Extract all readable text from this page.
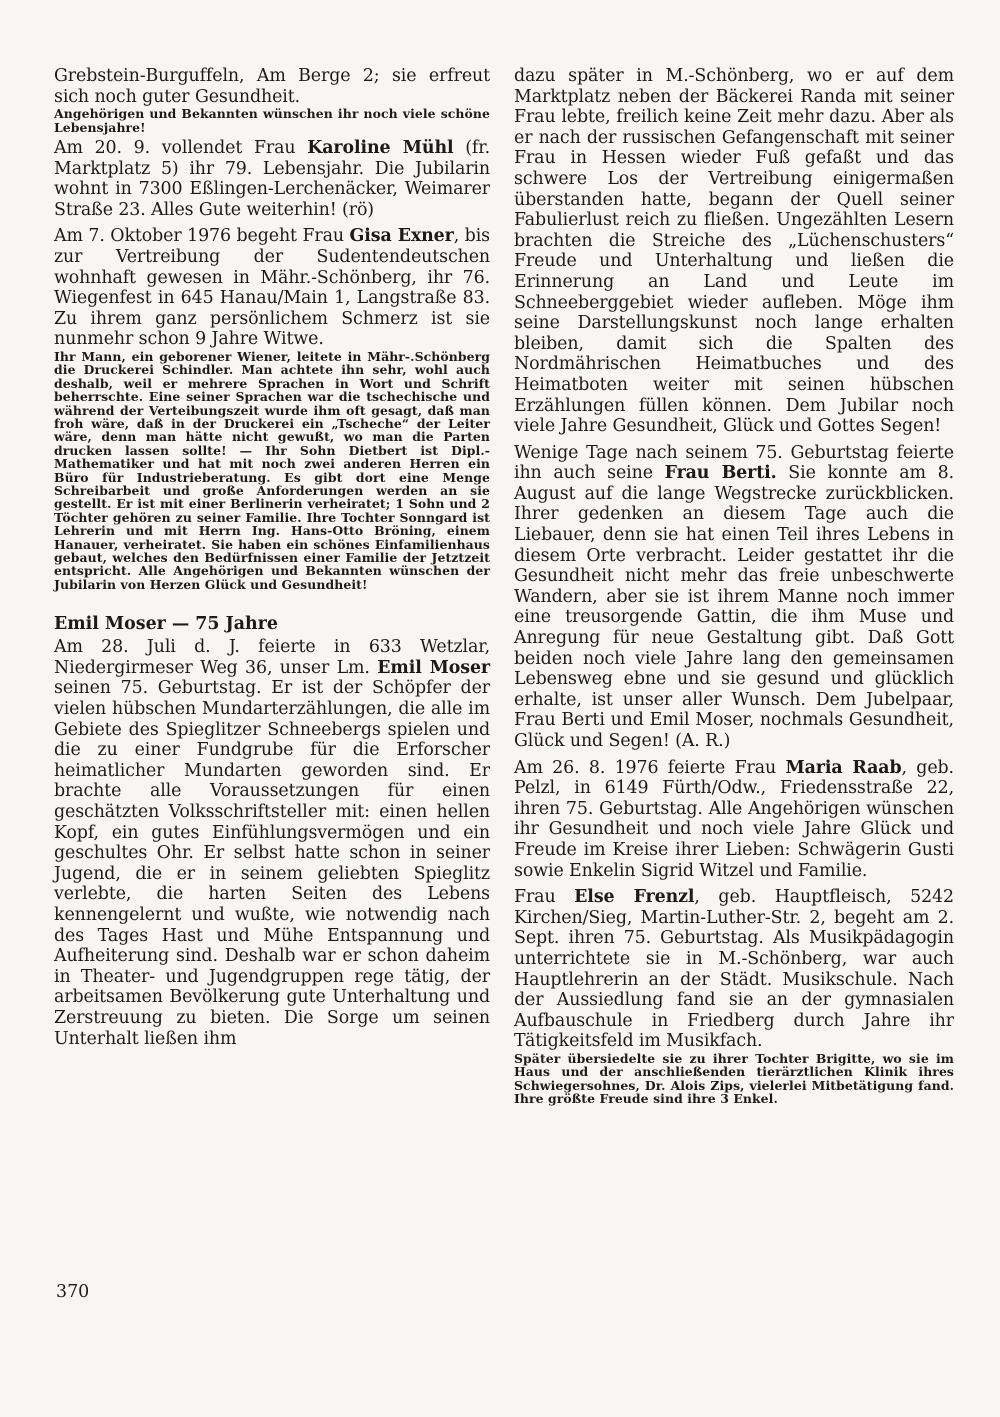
Grebstein-Burguffeln, Am Berge 2; sie erfreut sich noch guter Gesundheit.
Angehörigen und Bekannten wünschen ihr noch viele schöne Lebensjahre!
Am 20. 9. vollendet Frau Karoline Mühl (fr. Marktplatz 5) ihr 79. Lebensjahr. Die Jubilarin wohnt in 7300 Eßlingen-Lerchenäcker, Weimarer Straße 23. Alles Gute weiterhin! (rö)
Am 7. Oktober 1976 begeht Frau Gisa Exner, bis zur Vertreibung der Sudentendeutschen wohnhaft gewesen in Mähr.-Schönberg, ihr 76. Wiegenfest in 645 Hanau/Main 1, Langstraße 83. Zu ihrem ganz persönlichem Schmerz ist sie nunmehr schon 9 Jahre Witwe.
Ihr Mann, ein geborener Wiener, leitete in Mähr-.Schönberg die Druckerei Schindler. Man achtete ihn sehr, wohl auch deshalb, weil er mehrere Sprachen in Wort und Schrift beherrschte. Eine seiner Sprachen war die tschechische und während der Verteibungszeit wurde ihm oft gesagt, daß man froh wäre, daß in der Druckerei ein „Tscheche“ der Leiter wäre, denn man hätte nicht gewußt, wo man die Parten drucken lassen sollte! — Ihr Sohn Dietbert ist Dipl.-Mathematiker und hat mit noch zwei anderen Herren ein Büro für Industrieberatung. Es gibt dort eine Menge Schreibarbeit und große Anforderungen werden an sie gestellt. Er ist mit einer Berlinerin verheiratet; 1 Sohn und 2 Töchter gehören zu seiner Familie. Ihre Tochter Sonngard ist Lehrerin und mit Herrn Ing. Hans-Otto Bröning, einem Hanauer, verheiratet. Sie haben ein schönes Einfamilienhaus gebaut, welches den Bedürfnissen einer Familie der Jetztzeit entspricht. Alle Angehörigen und Bekannten wünschen der Jubilarin von Herzen Glück und Gesundheit!
Emil Moser — 75 Jahre
Am 28. Juli d. J. feierte in 633 Wetzlar, Niedergirmeser Weg 36, unser Lm. Emil Moser seinen 75. Geburtstag. Er ist der Schöpfer der vielen hübschen Mundarterzählungen, die alle im Gebiete des Spieglitzer Schneebergs spielen und die zu einer Fundgrube für die Erforscher heimatlicher Mundarten geworden sind. Er brachte alle Voraussetzungen für einen geschätzten Volksschriftsteller mit: einen hellen Kopf, ein gutes Einfühlungsvermögen und ein geschultes Ohr. Er selbst hatte schon in seiner Jugend, die er in seinem geliebten Spieglitz verlebte, die harten Seiten des Lebens kennengelernt und wußte, wie notwendig nach des Tages Hast und Mühe Entspannung und Aufheiterung sind. Deshalb war er schon daheim in Theater- und Jugendgruppen rege tätig, der arbeitsamen Bevölkerung gute Unterhaltung und Zerstreuung zu bieten. Die Sorge um seinen Unterhalt ließen ihm
dazu später in M.-Schönberg, wo er auf dem Marktplatz neben der Bäckerei Randa mit seiner Frau lebte, freilich keine Zeit mehr dazu. Aber als er nach der russischen Gefangenschaft mit seiner Frau in Hessen wieder Fuß gefaßt und das schwere Los der Vertreibung einigermaßen überstanden hatte, begann der Quell seiner Fabulierlust reich zu fließen. Ungezählten Lesern brachten die Streiche des „Lüchenschusters“ Freude und Unterhaltung und ließen die Erinnerung an Land und Leute im Schneeberggebiet wieder aufleben. Möge ihm seine Darstellungskunst noch lange erhalten bleiben, damit sich die Spalten des Nordmährischen Heimatbuches und des Heimatboten weiter mit seinen hübschen Erzählungen füllen können. Dem Jubilar noch viele Jahre Gesundheit, Glück und Gottes Segen!
Wenige Tage nach seinem 75. Geburtstag feierte ihn auch seine Frau Berti. Sie konnte am 8. August auf die lange Wegstrecke zurückblicken. Ihrer gedenken an diesem Tage auch die Liebauer, denn sie hat einen Teil ihres Lebens in diesem Orte verbracht. Leider gestattet ihr die Gesundheit nicht mehr das freie unbeschwerte Wandern, aber sie ist ihrem Manne noch immer eine treusorgende Gattin, die ihm Muse und Anregung für neue Gestaltung gibt. Daß Gott beiden noch viele Jahre lang den gemeinsamen Lebensweg ebne und sie gesund und glücklich erhalte, ist unser aller Wunsch. Dem Jubelpaar, Frau Berti und Emil Moser, nochmals Gesundheit, Glück und Segen! (A. R.)
Am 26. 8. 1976 feierte Frau Maria Raab, geb. Pelzl, in 6149 Fürth/Odw., Friedensstraße 22, ihren 75. Geburtstag. Alle Angehörigen wünschen ihr Gesundheit und noch viele Jahre Glück und Freude im Kreise ihrer Lieben: Schwägerin Gusti sowie Enkelin Sigrid Witzel und Familie.
Frau Else Frenzl, geb. Hauptfleisch, 5242 Kirchen/Sieg, Martin-Luther-Str. 2, begeht am 2. Sept. ihren 75. Geburtstag. Als Musikpädagogin unterrichtete sie in M.-Schönberg, war auch Hauptlehrerin an der Städt. Musikschule. Nach der Aussiedlung fand sie an der gymnasialen Aufbauschule in Friedberg durch Jahre ihr Tätigkeitsfeld im Musikfach.
Später übersiedelte sie zu ihrer Tochter Brigitte, wo sie im Haus und der anschließenden tierärztlichen Klinik ihres Schwiegersohnes, Dr. Alois Zips, vielerlei Mitbetätigung fand. Ihre größte Freude sind ihre 3 Enkel.
370
